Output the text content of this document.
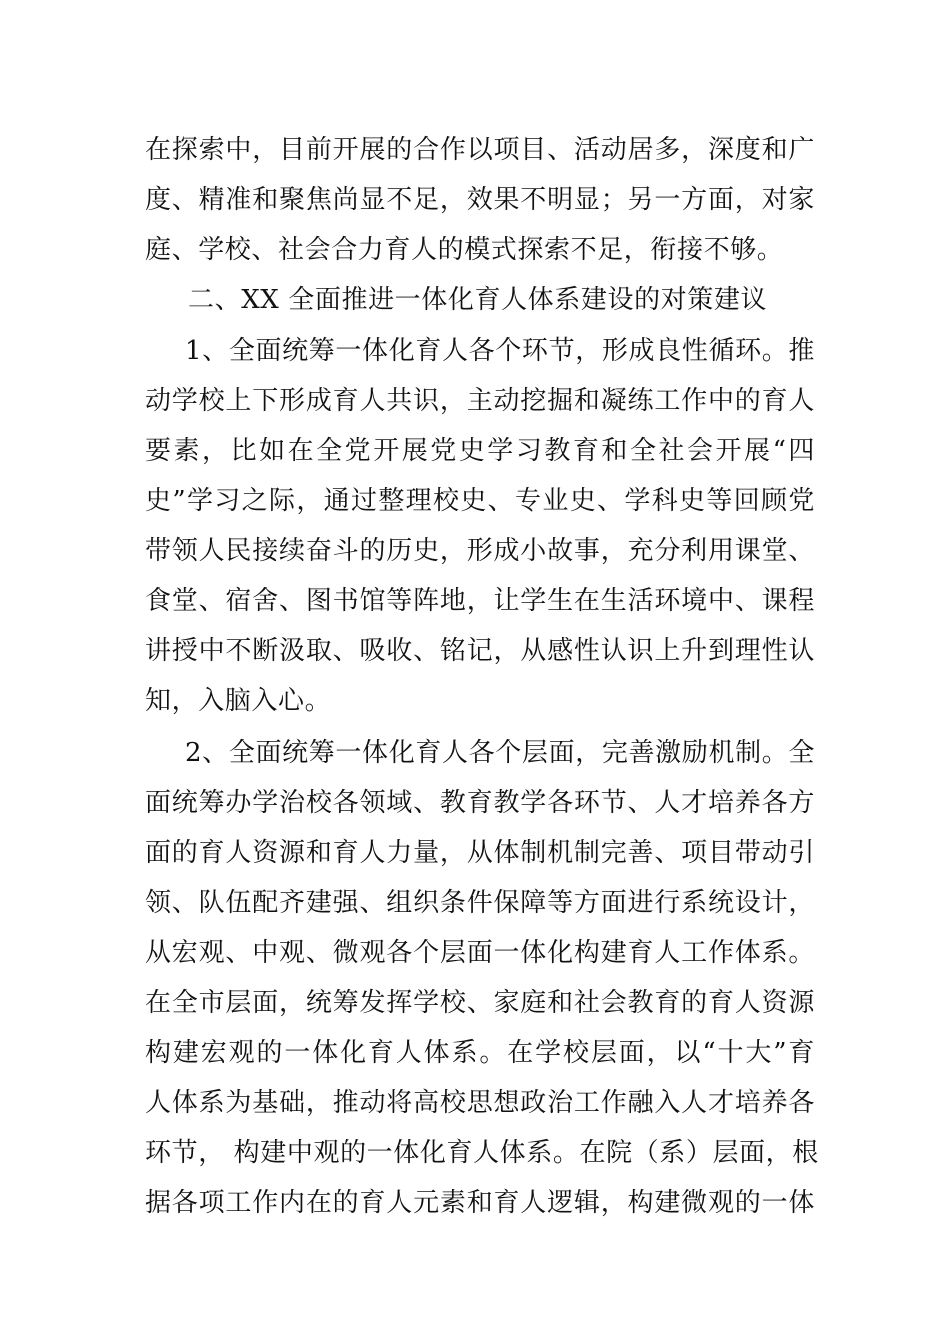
在探索中，目前开展的合作以项目、活动居多，深度和广
度、精准和聚焦尚显不足，效果不明显；另一方面，对家
庭、学校、社会合力育人的模式探索不足，衔接不够。
二、XX 全面推进一体化育人体系建设的对策建议
1、全面统筹一体化育人各个环节，形成良性循环。推
动学校上下形成育人共识，主动挖掘和凝练工作中的育人
要素，比如在全党开展党史学习教育和全社会开展“四
史”学习之际，通过整理校史、专业史、学科史等回顾党
带领人民接续奋斗的历史，形成小故事，充分利用课堂、
食堂、宿舍、图书馆等阵地，让学生在生活环境中、课程
讲授中不断汲取、吸收、铭记，从感性认识上升到理性认
知，入脑入心。
2、全面统筹一体化育人各个层面，完善激励机制。全
面统筹办学治校各领域、教育教学各环节、人才培养各方
面的育人资源和育人力量，从体制机制完善、项目带动引
领、队伍配齐建强、组织条件保障等方面进行系统设计，
从宏观、中观、微观各个层面一体化构建育人工作体系。
在全市层面，统筹发挥学校、家庭和社会教育的育人资源
构建宏观的一体化育人体系。在学校层面，以“十大”育
人体系为基础，推动将高校思想政治工作融入人才培养各
环节， 构建中观的一体化育人体系。在院（系）层面，根
据各项工作内在的育人元素和育人逻辑，构建微观的一体
